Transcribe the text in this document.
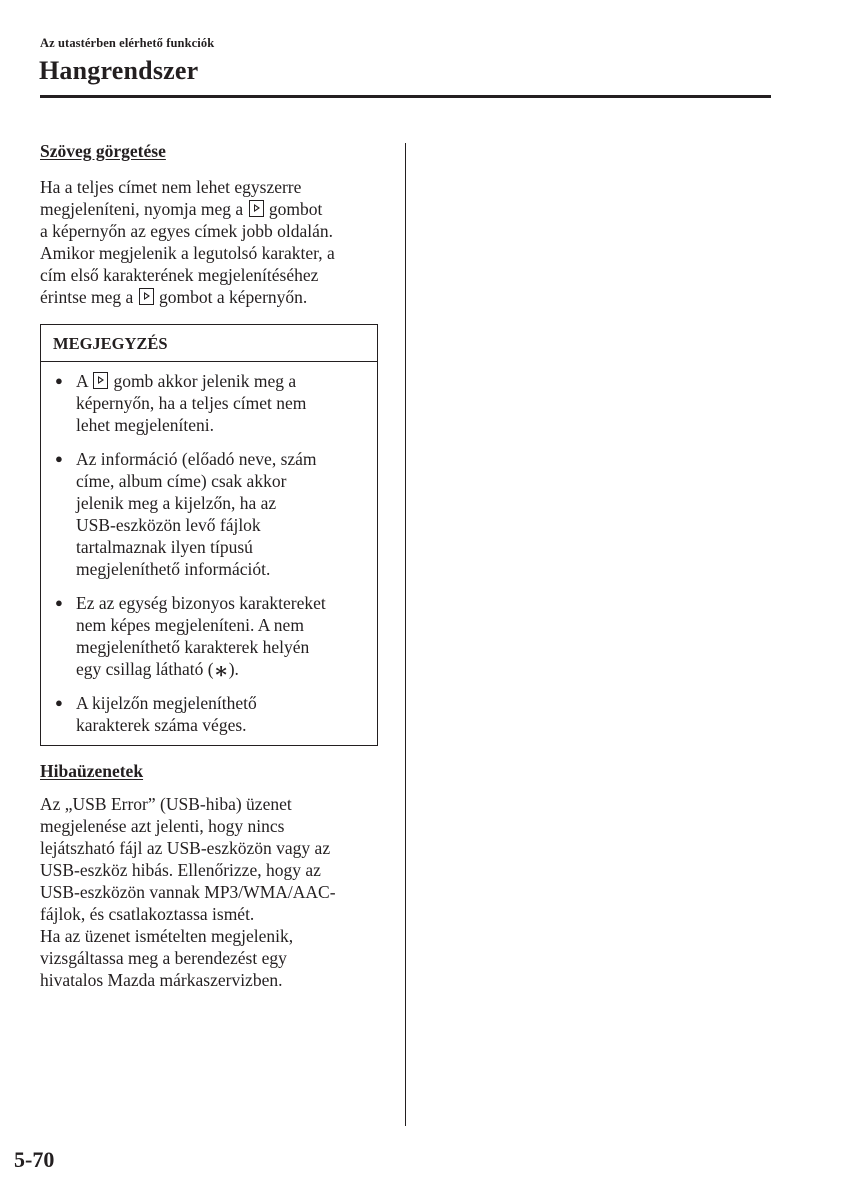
Az utastérben elérhető funkciók
Hangrendszer
Szöveg görgetése

Ha a teljes címet nem lehet egyszerre

megjeleníteni, nyomja meg a  gombot

a képernyőn az egyes címek jobb oldalán.

Amikor megjelenik a legutolsó karakter, a

cím első karakterének megjelenítéséhez

érintse meg a  gombot a képernyőn.

MEGJEGYZÉS
● A  gomb akkor jelenik meg a

képernyőn, ha a teljes címet nem

lehet megjeleníteni.

● Az információ (előadó neve, szám

címe, album címe) csak akkor

jelenik meg a kijelzőn, ha az

USB-eszközön levő fájlok

tartalmaznak ilyen típusú

megjeleníthető információt.

● Ez az egység bizonyos karaktereket

nem képes megjeleníteni. A nem

megjeleníthető karakterek helyén

egy csillag látható (∗).

● A kijelzőn megjeleníthető

karakterek száma véges.

Hibaüzenetek

Az „USB Error” (USB-hiba) üzenet

megjelenése azt jelenti, hogy nincs

lejátszható fájl az USB-eszközön vagy az

USB-eszköz hibás. Ellenőrizze, hogy az

USB-eszközön vannak MP3/WMA/AAC-

fájlok, és csatlakoztassa ismét.

Ha az üzenet ismételten megjelenik,

vizsgáltassa meg a berendezést egy

hivatalos Mazda márkaszervizben.

5-70
